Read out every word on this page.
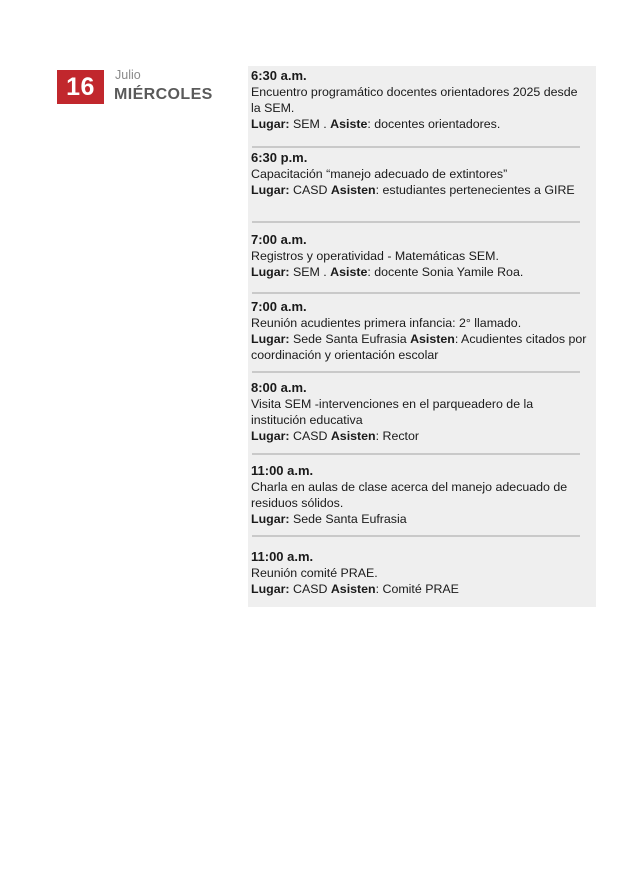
16	Julio
MIÉRCOLES
6:30 a.m.
Encuentro programático docentes orientadores 2025 desde la SEM.
Lugar: SEM . Asiste: docentes orientadores.
6:30 p.m.
Capacitación “manejo adecuado de extintores”
Lugar: CASD Asisten: estudiantes pertenecientes a GIRE
7:00 a.m.
Registros y operatividad - Matemáticas SEM.
Lugar: SEM . Asiste: docente Sonia Yamile Roa.
7:00 a.m.
Reunión acudientes primera infancia: 2° llamado.
Lugar: Sede Santa Eufrasia Asisten: Acudientes citados por coordinación y orientación escolar
8:00 a.m.
Visita SEM -intervenciones en el parqueadero de la institución educativa
Lugar: CASD Asisten: Rector
11:00 a.m.
Charla en aulas de clase acerca del manejo adecuado de residuos sólidos.
Lugar: Sede Santa Eufrasia
11:00 a.m.
Reunión comité PRAE.
Lugar: CASD Asisten: Comité PRAE
